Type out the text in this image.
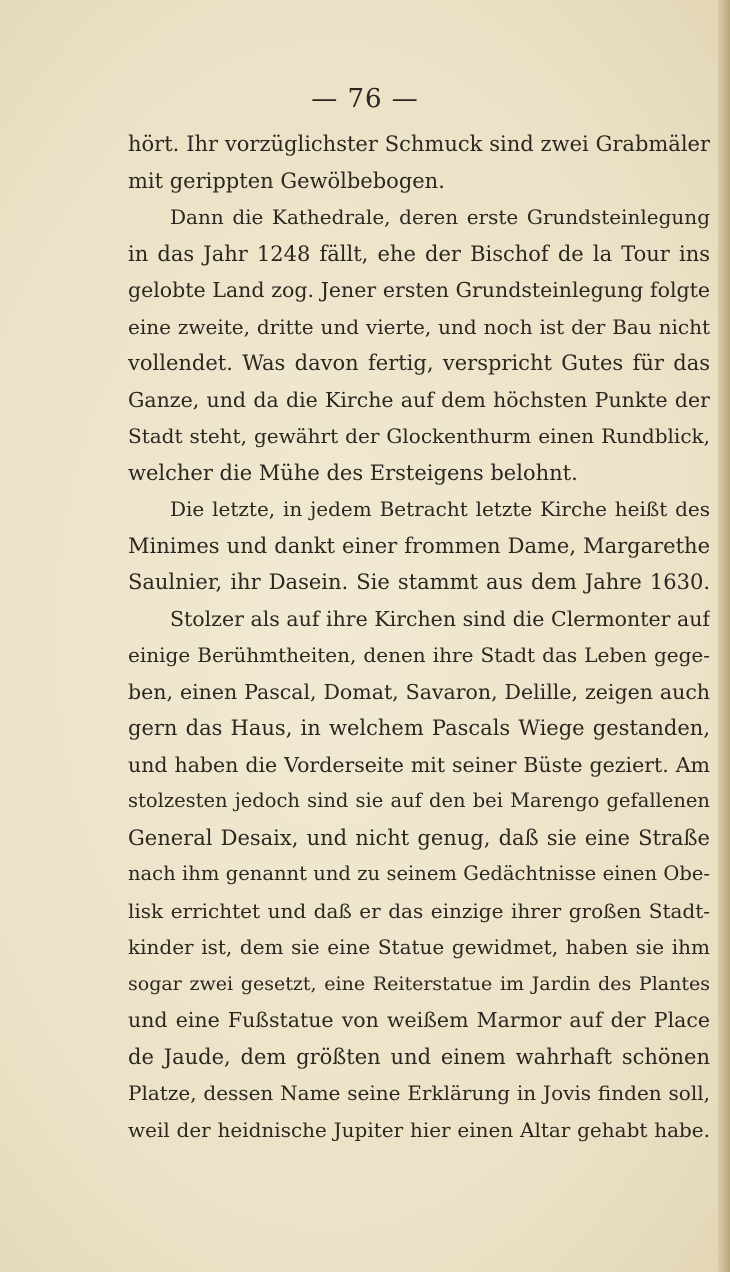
— 76 —
hört. Ihr vorzüglichster Schmuck sind zwei Grabmäler
mit gerippten Gewölbebogen.
Dann die Kathedrale, deren erste Grundsteinlegung
in das Jahr 1248 fällt, ehe der Bischof de la Tour ins
gelobte Land zog. Jener ersten Grundsteinlegung folgte
eine zweite, dritte und vierte, und noch ist der Bau nicht
vollendet. Was davon fertig, verspricht Gutes für das
Ganze, und da die Kirche auf dem höchsten Punkte der
Stadt steht, gewährt der Glockenthurm einen Rundblick,
welcher die Mühe des Ersteigens belohnt.
Die letzte, in jedem Betracht letzte Kirche heißt des
Minimes und dankt einer frommen Dame, Margarethe
Saulnier, ihr Dasein. Sie stammt aus dem Jahre 1630.
Stolzer als auf ihre Kirchen sind die Clermonter auf
einige Berühmtheiten, denen ihre Stadt das Leben gege-
ben, einen Pascal, Domat, Savaron, Delille, zeigen auch
gern das Haus, in welchem Pascals Wiege gestanden,
und haben die Vorderseite mit seiner Büste geziert. Am
stolzesten jedoch sind sie auf den bei Marengo gefallenen
General Desaix, und nicht genug, daß sie eine Straße
nach ihm genannt und zu seinem Gedächtnisse einen Obe-
lisk errichtet und daß er das einzige ihrer großen Stadt-
kinder ist, dem sie eine Statue gewidmet, haben sie ihm
sogar zwei gesetzt, eine Reiterstatue im Jardin des Plantes
und eine Fußstatue von weißem Marmor auf der Place
de Jaude, dem größten und einem wahrhaft schönen
Platze, dessen Name seine Erklärung in Jovis finden soll,
weil der heidnische Jupiter hier einen Altar gehabt habe.
